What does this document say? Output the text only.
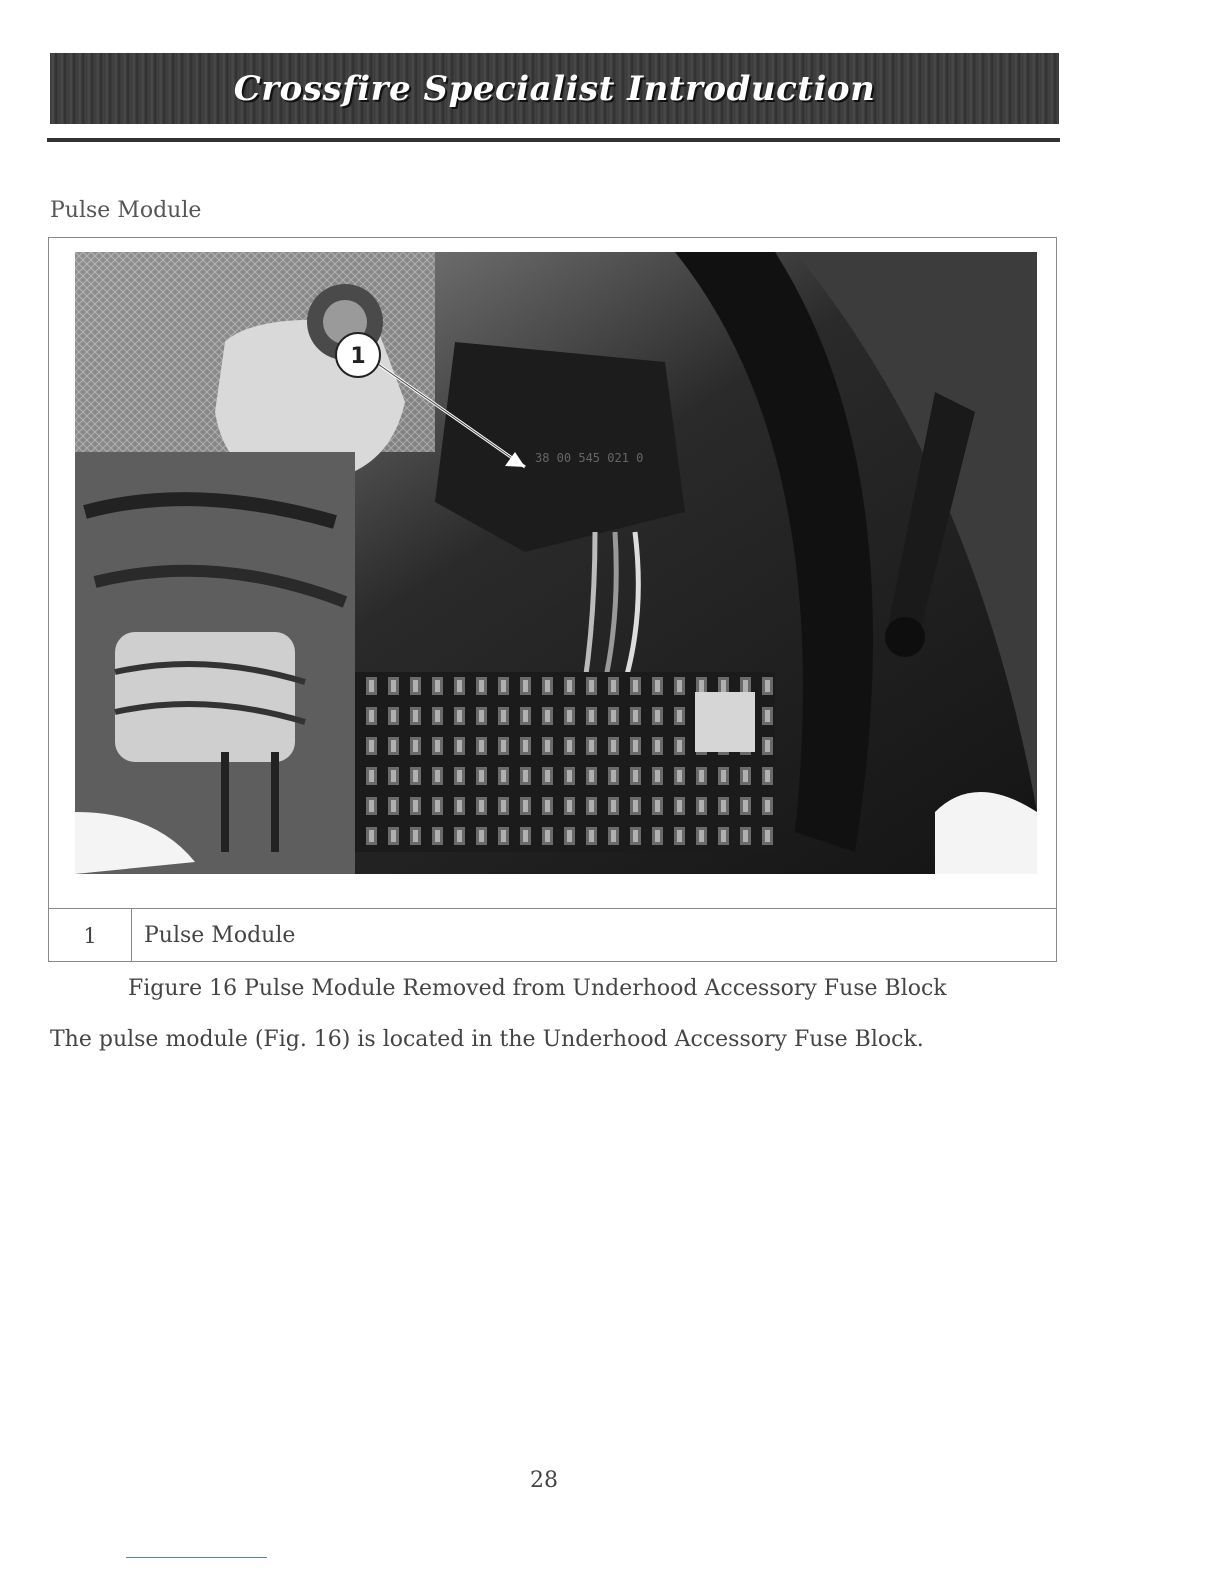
Crossfire Specialist Introduction
Pulse Module
38 00 545 021 0
1
1	Pulse Module
Figure 16 Pulse Module Removed from Underhood Accessory Fuse Block
The pulse module (Fig. 16) is located in the Underhood Accessory Fuse Block.
28
